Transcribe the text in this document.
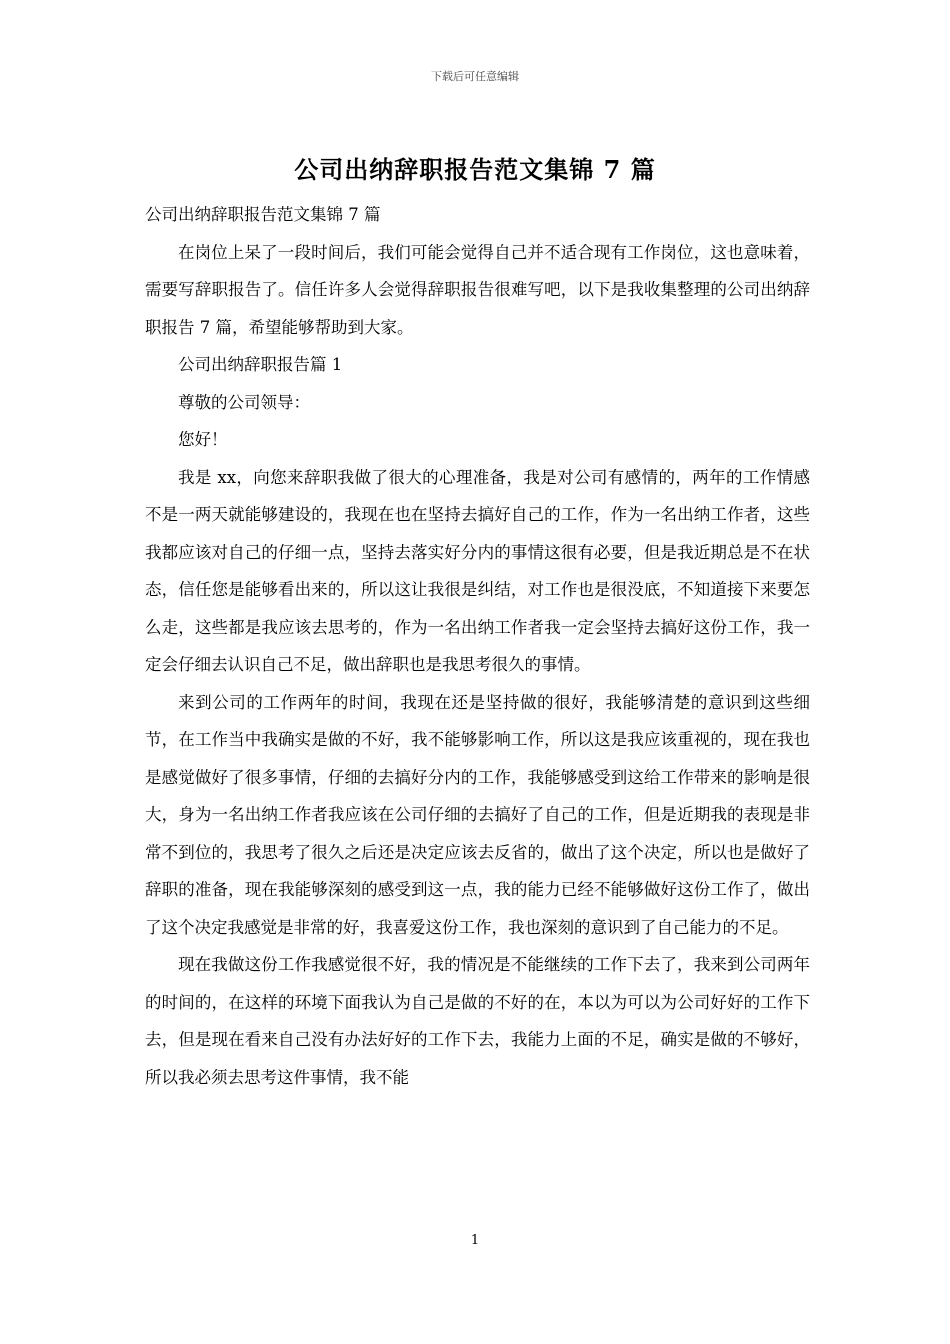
下载后可任意编辑
公司出纳辞职报告范文集锦 7 篇

公司出纳辞职报告范文集锦 7 篇

在岗位上呆了一段时间后，我们可能会觉得自己并不适合现有工作岗位，这也意味着，需要写辞职报告了。信任许多人会觉得辞职报告很难写吧，以下是我收集整理的公司出纳辞职报告 7 篇，希望能够帮助到大家。

公司出纳辞职报告篇 1

尊敬的公司领导：

您好！

我是 xx，向您来辞职我做了很大的心理准备，我是对公司有感情的，两年的工作情感不是一两天就能够建设的，我现在也在坚持去搞好自己的工作，作为一名出纳工作者，这些我都应该对自己的仔细一点，坚持去落实好分内的事情这很有必要，但是我近期总是不在状态，信任您是能够看出来的，所以这让我很是纠结，对工作也是很没底，不知道接下来要怎么走，这些都是我应该去思考的，作为一名出纳工作者我一定会坚持去搞好这份工作，我一定会仔细去认识自己不足，做出辞职也是我思考很久的事情。

来到公司的工作两年的时间，我现在还是坚持做的很好，我能够清楚的意识到这些细节，在工作当中我确实是做的不好，我不能够影响工作，所以这是我应该重视的，现在我也是感觉做好了很多事情，仔细的去搞好分内的工作，我能够感受到这给工作带来的影响是很大，身为一名出纳工作者我应该在公司仔细的去搞好了自己的工作，但是近期我的表现是非常不到位的，我思考了很久之后还是决定应该去反省的，做出了这个决定，所以也是做好了辞职的准备，现在我能够深刻的感受到这一点，我的能力已经不能够做好这份工作了，做出了这个决定我感觉是非常的好，我喜爱这份工作，我也深刻的意识到了自己能力的不足。

现在我做这份工作我感觉很不好，我的情况是不能继续的工作下去了，我来到公司两年的时间的，在这样的环境下面我认为自己是做的不好的在，本以为可以为公司好好的工作下去，但是现在看来自己没有办法好好的工作下去，我能力上面的不足，确实是做的不够好，所以我必须去思考这件事情，我不能

1
